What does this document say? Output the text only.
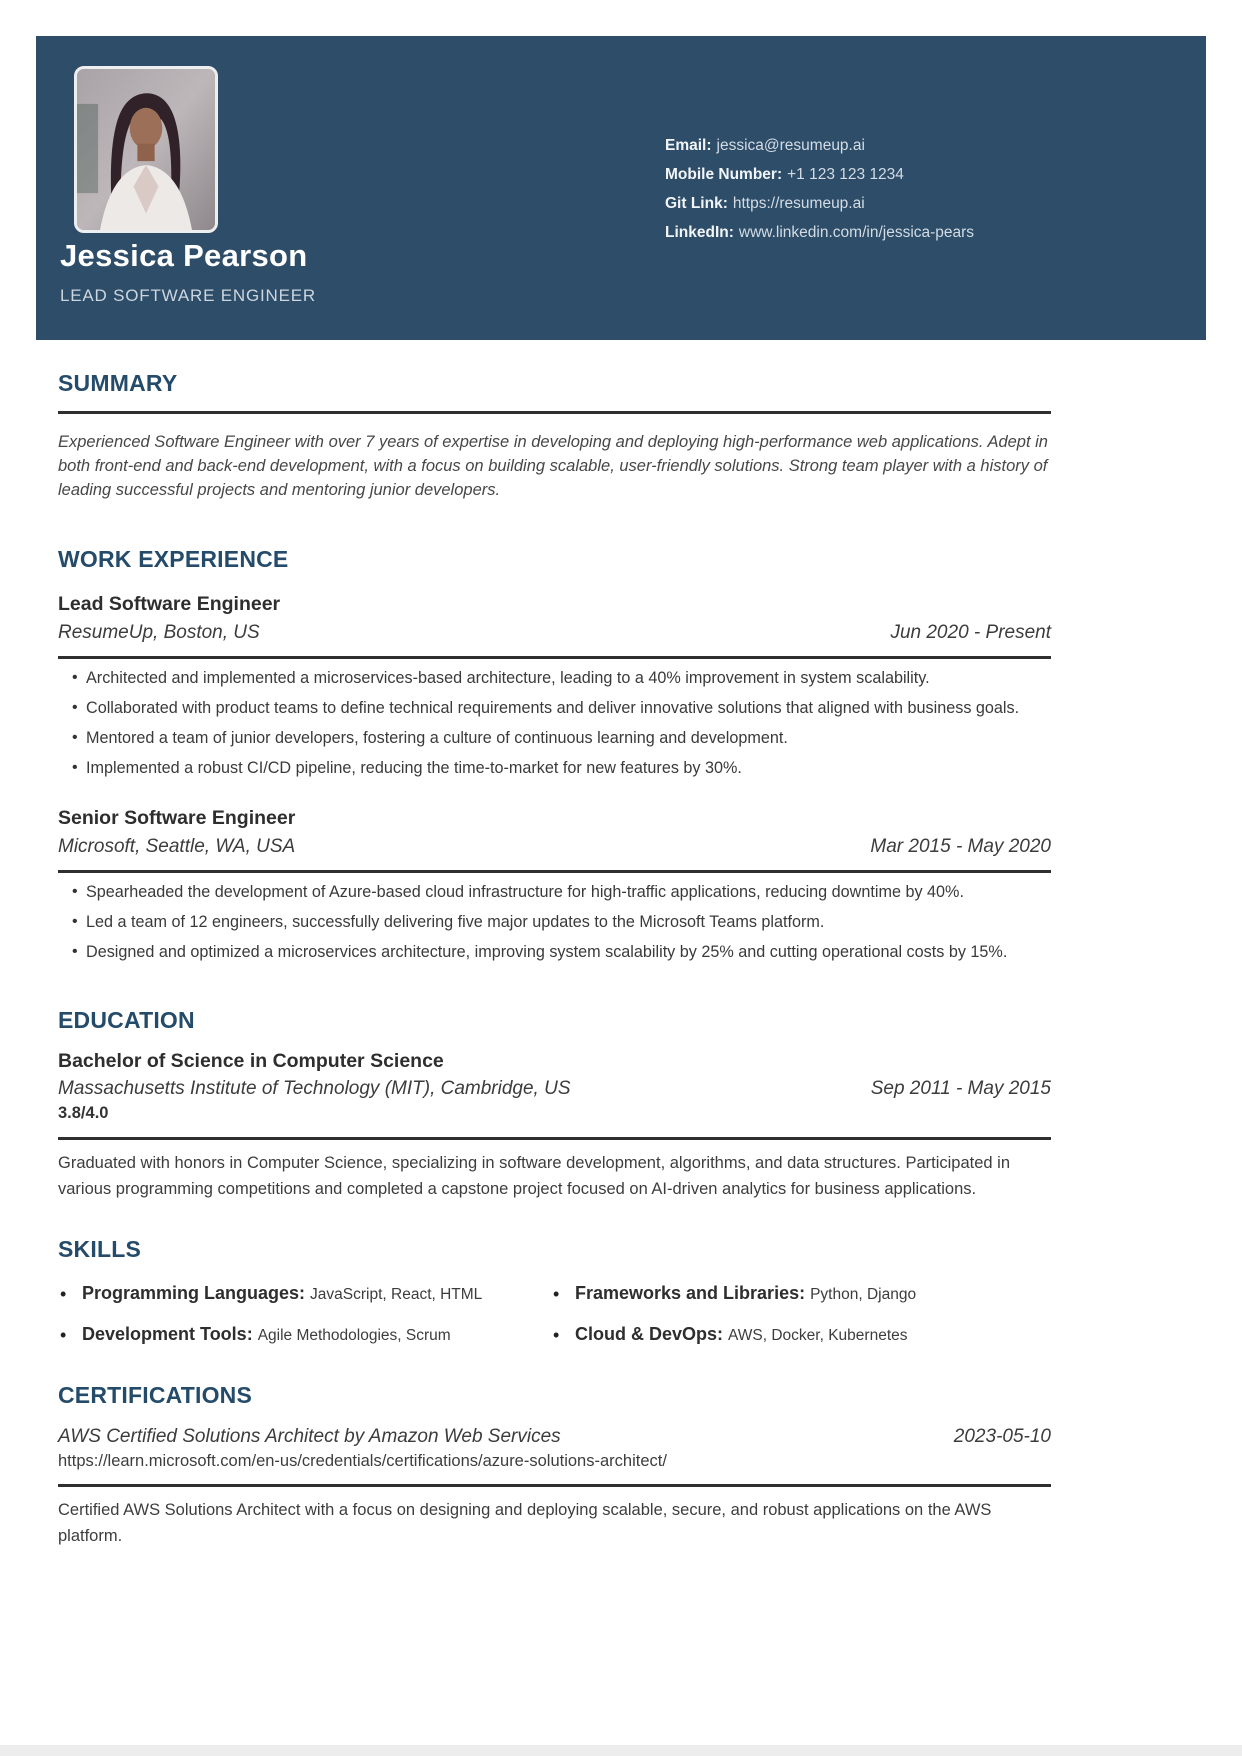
Email: jessica@resumeup.ai
Mobile Number: +1 123 123 1234
Git Link: https://resumeup.ai
LinkedIn: www.linkedin.com/in/jessica-pears
Jessica Pearson
LEAD SOFTWARE ENGINEER
SUMMARY

Experienced Software Engineer with over 7 years of expertise in developing and deploying high-performance web applications. Adept in both front-end and back-end development, with a focus on building scalable, user-friendly solutions. Strong team player with a history of leading successful projects and mentoring junior developers.

WORK EXPERIENCE
Lead Software Engineer
ResumeUp, Boston, US	Jun 2020 - Present
• Architected and implemented a microservices-based architecture, leading to a 40% improvement in system scalability.
• Collaborated with product teams to define technical requirements and deliver innovative solutions that aligned with business goals.
• Mentored a team of junior developers, fostering a culture of continuous learning and development.
• Implemented a robust CI/CD pipeline, reducing the time-to-market for new features by 30%.
Senior Software Engineer
Microsoft, Seattle, WA, USA	Mar 2015 - May 2020
• Spearheaded the development of Azure-based cloud infrastructure for high-traffic applications, reducing downtime by 40%.
• Led a team of 12 engineers, successfully delivering five major updates to the Microsoft Teams platform.
• Designed and optimized a microservices architecture, improving system scalability by 25% and cutting operational costs by 15%.
EDUCATION
Bachelor of Science in Computer Science
Massachusetts Institute of Technology (MIT), Cambridge, US	Sep 2011 - May 2015
3.8/4.0

Graduated with honors in Computer Science, specializing in software development, algorithms, and data structures. Participated in various programming competitions and completed a capstone project focused on AI-driven analytics for business applications.

SKILLS
• Programming Languages: JavaScript, React, HTML	• Frameworks and Libraries: Python, Django
• Development Tools: Agile Methodologies, Scrum	• Cloud & DevOps: AWS, Docker, Kubernetes
CERTIFICATIONS
AWS Certified Solutions Architect by Amazon Web Services	2023-05-10
https://learn.microsoft.com/en-us/credentials/certifications/azure-solutions-architect/

Certified AWS Solutions Architect with a focus on designing and deploying scalable, secure, and robust applications on the AWS platform.
